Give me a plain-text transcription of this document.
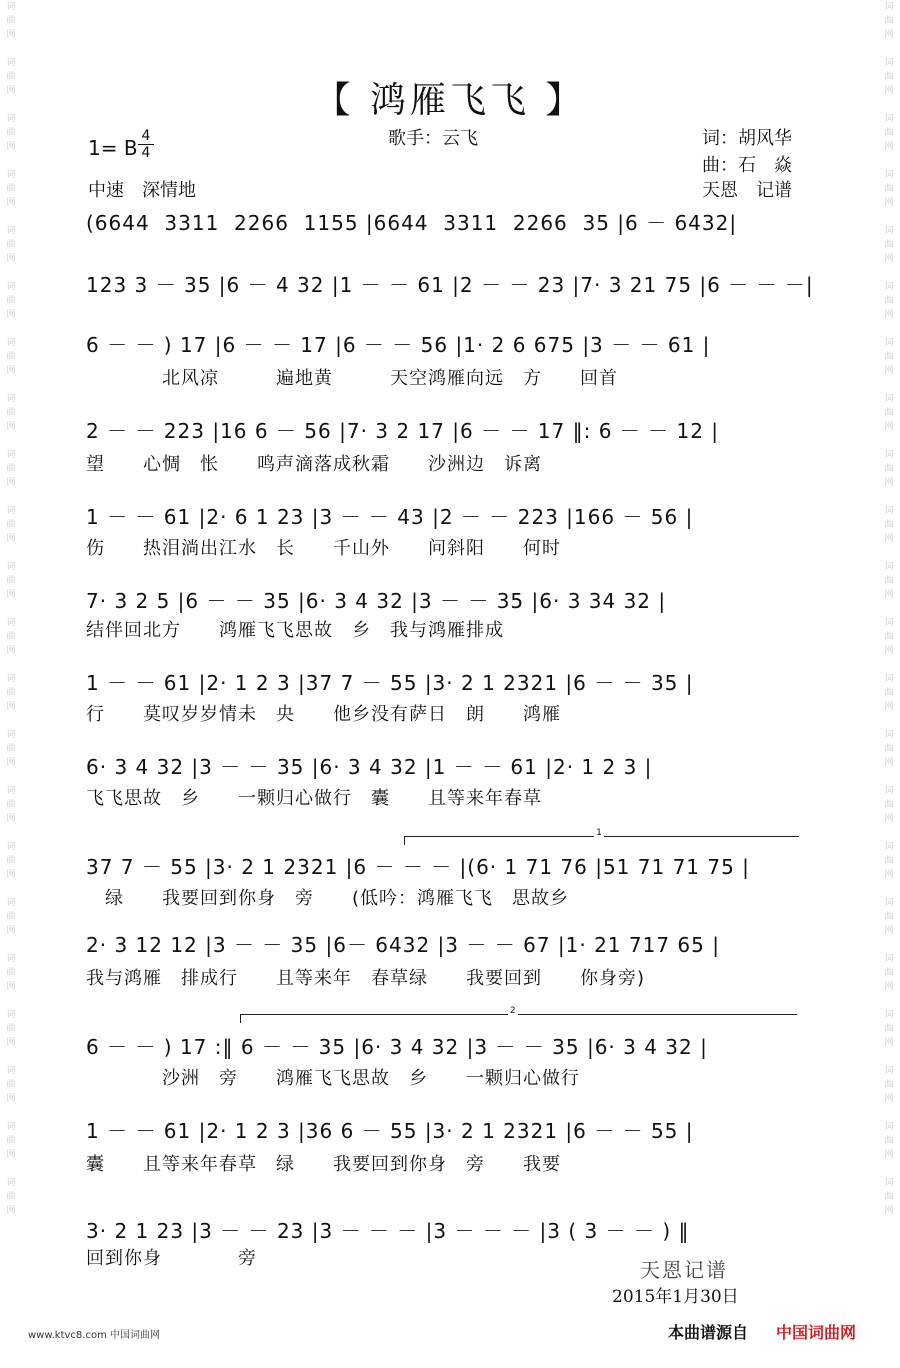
词
曲
网

词
曲
网

词
曲
网

词
曲
网

词
曲
网

词
曲
网

词
曲
网

词
曲
网

词
曲
网

词
曲
网

词
曲
网

词
曲
网

词
曲
网

词
曲
网

词
曲
网

词
曲
网

词
曲
网

词
曲
网

词
曲
网

词
曲
网

词
曲
网

词
曲
网
词
曲
网

词
曲
网

词
曲
网

词
曲
网

词
曲
网

词
曲
网

词
曲
网

词
曲
网

词
曲
网

词
曲
网

词
曲
网

词
曲
网

词
曲
网

词
曲
网

词
曲
网

词
曲
网

词
曲
网

词
曲
网

词
曲
网

词
曲
网

词
曲
网

词
曲
网
【 鸿雁飞飞 】
1= B 4
4
歌手：云飞	词：胡风华
曲：石　焱
中速　深情地	天恩　记谱
(6644  3311  2266  1155 |6644  3311  2266  35 |6 － 6432|
123 3 － 35 |6 － 4 32 |1 － － 61 |2 － － 23 |7· 3 21 75 |6 － － －|
6 － － ) 17 |6 － － 17 |6 － － 56 |1· 2 6 675 |3 － － 61 |
　　　　北风凉　　　遍地黄　　　天空鸿雁向远　方　　回首
2 － － 223 |16 6 － 56 |7· 3 2 17 |6 － － 17 ‖: 6 － － 12 |
望　　心惆　怅　　鸣声滴落成秋霜　　沙洲边　诉离
1 － － 61 |2· 6 1 23 |3 － － 43 |2 － － 223 |166 － 56 |
伤　　热泪淌出江水　长　　千山外　　问斜阳　　何时
7· 3 2 5 |6 － － 35 |6· 3 4 32 |3 － － 35 |6· 3 34 32 |
结伴回北方　　鸿雁飞飞思故　乡　我与鸿雁排成
1 － － 61 |2· 1 2 3 |37 7 － 55 |3· 2 1 2321 |6 － － 35 |
行　　莫叹岁岁情未　央　　他乡没有萨日　朗　　鸿雁
6· 3 4 32 |3 － － 35 |6· 3 4 32 |1 － － 61 |2· 1 2 3 |
飞飞思故　乡　　一颗归心做行　囊　　且等来年春草
1
37 7 － 55 |3· 2 1 2321 |6 － － － |(6· 1 71 76 |51 71 71 75 |
　绿　　我要回到你身　旁　　(低吟：鸿雁飞飞　思故乡
2· 3 12 12 |3 － － 35 |6－ 6432 |3 － － 67 |1· 21 717 65 |
我与鸿雁　排成行　　且等来年　春草绿　　我要回到　　你身旁)
2
6 － － ) 17 :‖ 6 － － 35 |6· 3 4 32 |3 － － 35 |6· 3 4 32 |
　　　　沙洲　旁　　鸿雁飞飞思故　乡　　一颗归心做行
1 － － 61 |2· 1 2 3 |36 6 － 55 |3· 2 1 2321 |6 － － 55 |
囊　　且等来年春草　绿　　我要回到你身　旁　　我要
3· 2 1 23 |3 － － 23 |3 － － － |3 － － － |3 ( 3 － － ) ‖
回到你身　　　　旁	天恩记谱
2015年1月30日
www.ktvc8.com 中国词曲网	本曲谱源自 中国词曲网
